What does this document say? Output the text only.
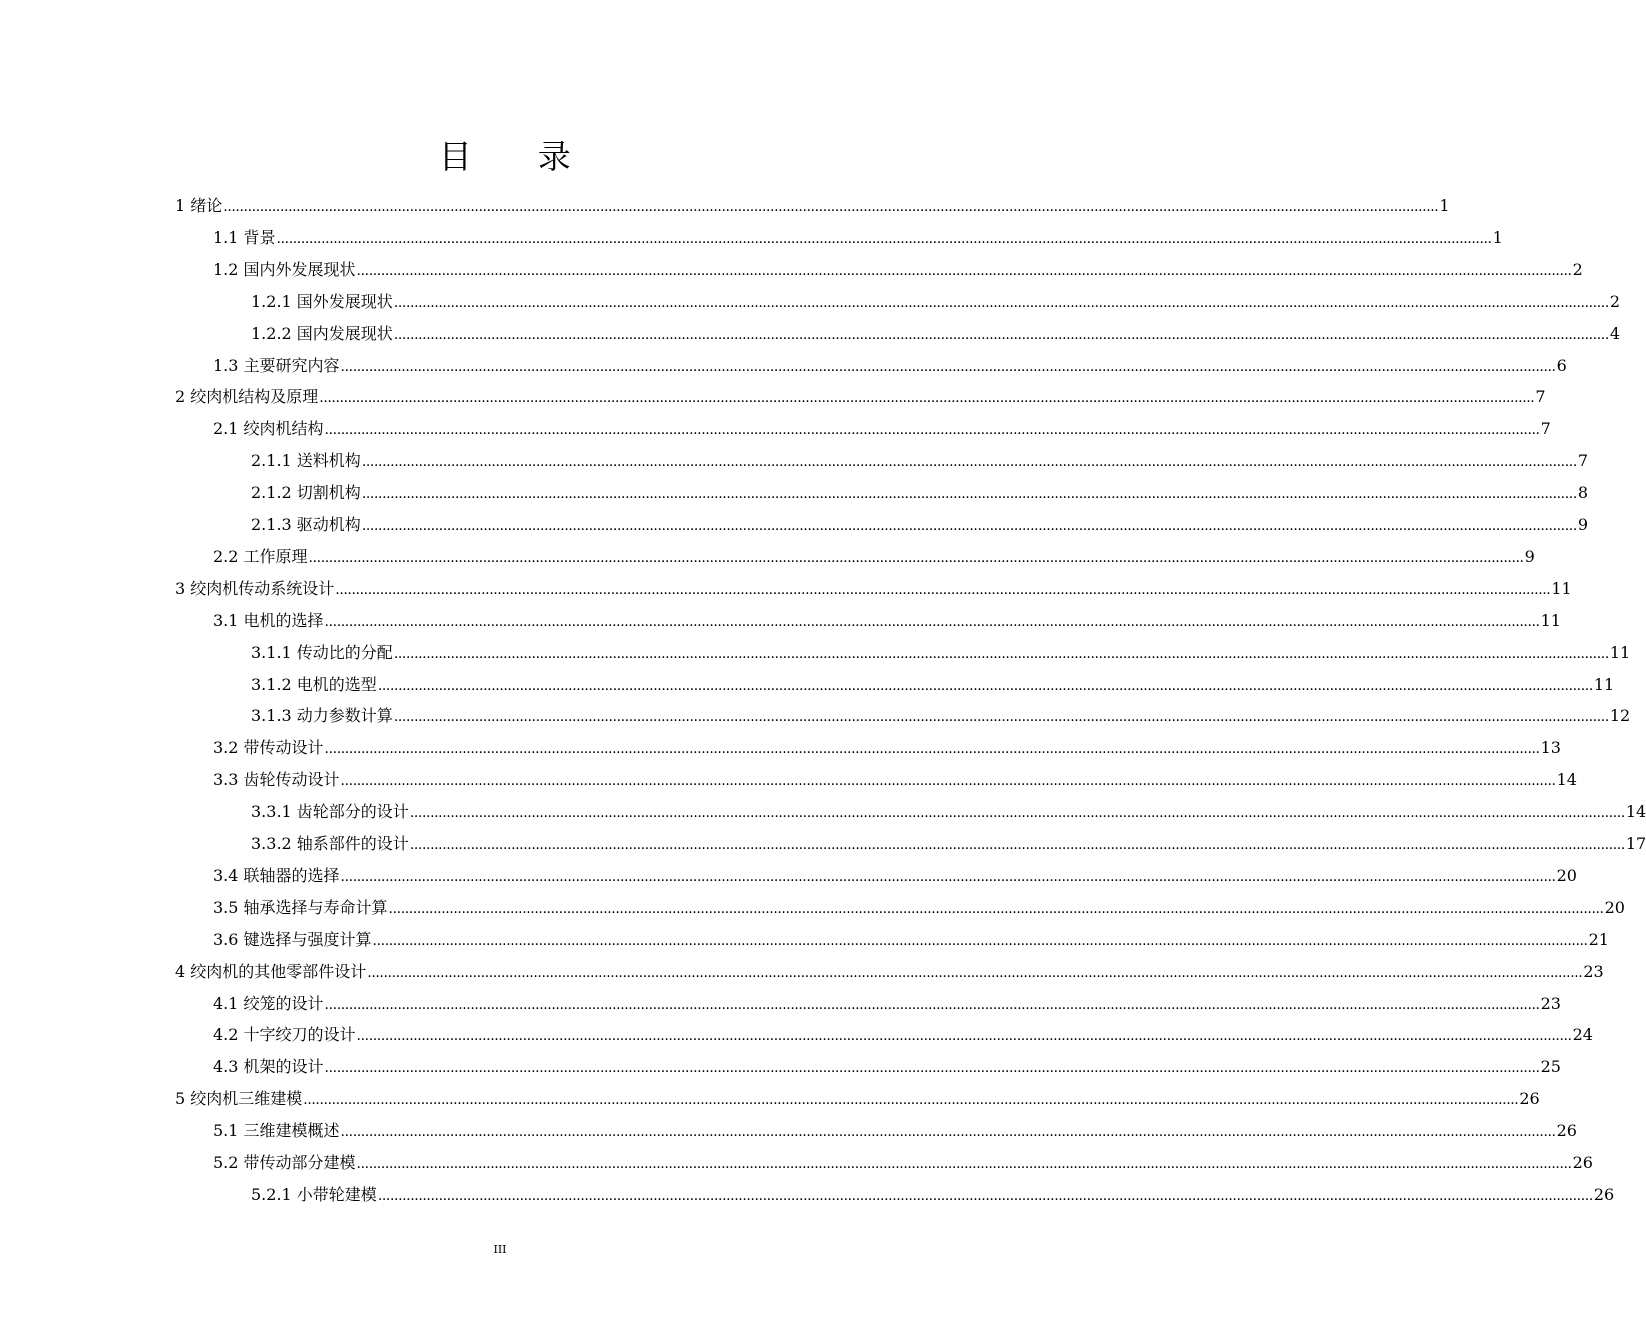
目　录
1 绪论 ............................................................................................................................................................................................................................................................................................................ 1
1.1 背景 ............................................................................................................................................................................................................................................................................................................ 1
1.2 国内外发展现状 ............................................................................................................................................................................................................................................................................................................ 2
1.2.1 国外发展现状 ............................................................................................................................................................................................................................................................................................................ 2
1.2.2 国内发展现状 ............................................................................................................................................................................................................................................................................................................ 4
1.3 主要研究内容 ............................................................................................................................................................................................................................................................................................................ 6
2 绞肉机结构及原理 ............................................................................................................................................................................................................................................................................................................ 7
2.1 绞肉机结构 ............................................................................................................................................................................................................................................................................................................ 7
2.1.1 送料机构 ............................................................................................................................................................................................................................................................................................................ 7
2.1.2 切割机构 ............................................................................................................................................................................................................................................................................................................ 8
2.1.3 驱动机构 ............................................................................................................................................................................................................................................................................................................ 9
2.2 工作原理 ............................................................................................................................................................................................................................................................................................................ 9
3 绞肉机传动系统设计 ............................................................................................................................................................................................................................................................................................................ 11
3.1 电机的选择 ............................................................................................................................................................................................................................................................................................................ 11
3.1.1 传动比的分配 ............................................................................................................................................................................................................................................................................................................ 11
3.1.2 电机的选型 ............................................................................................................................................................................................................................................................................................................ 11
3.1.3 动力参数计算 ............................................................................................................................................................................................................................................................................................................ 12
3.2 带传动设计 ............................................................................................................................................................................................................................................................................................................ 13
3.3 齿轮传动设计 ............................................................................................................................................................................................................................................................................................................ 14
3.3.1 齿轮部分的设计 ............................................................................................................................................................................................................................................................................................................ 14
3.3.2 轴系部件的设计 ............................................................................................................................................................................................................................................................................................................ 17
3.4 联轴器的选择 ............................................................................................................................................................................................................................................................................................................ 20
3.5 轴承选择与寿命计算 ............................................................................................................................................................................................................................................................................................................ 20
3.6 键选择与强度计算 ............................................................................................................................................................................................................................................................................................................ 21
4 绞肉机的其他零部件设计 ............................................................................................................................................................................................................................................................................................................ 23
4.1 绞笼的设计 ............................................................................................................................................................................................................................................................................................................ 23
4.2 十字绞刀的设计 ............................................................................................................................................................................................................................................................................................................ 24
4.3 机架的设计 ............................................................................................................................................................................................................................................................................................................ 25
5 绞肉机三维建模 ............................................................................................................................................................................................................................................................................................................ 26
5.1 三维建模概述 ............................................................................................................................................................................................................................................................................................................ 26
5.2 带传动部分建模 ............................................................................................................................................................................................................................................................................................................ 26
5.2.1 小带轮建模 ............................................................................................................................................................................................................................................................................................................ 26
III
